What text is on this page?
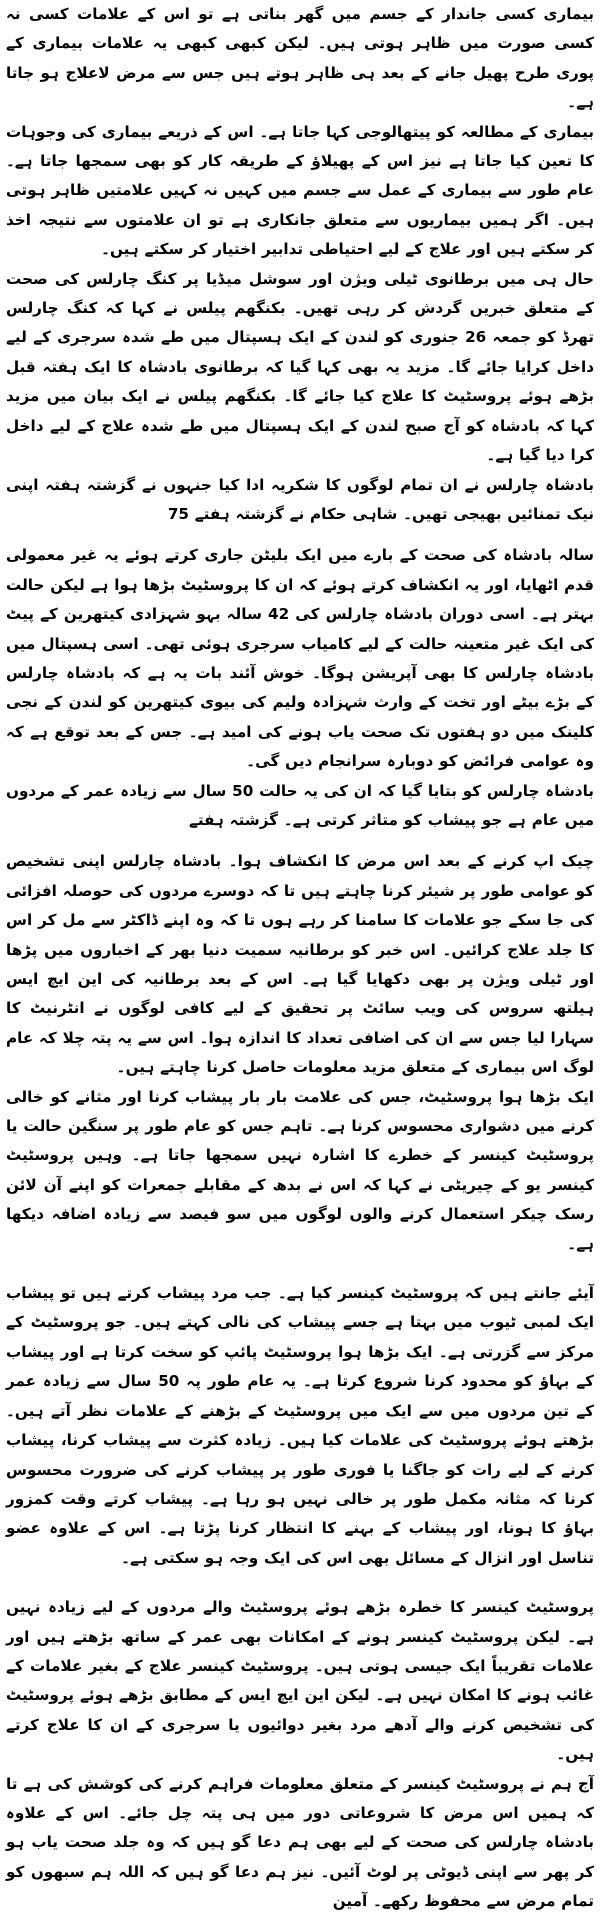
بیماری کسی جاندار کے جسم میں گھر بناتی ہے تو اس کے علامات کسی نہ کسی صورت میں ظاہر ہوتی ہیں۔ لیکن کبھی کبھی یہ علامات بیماری کے پوری طرح پھیل جانے کے بعد ہی ظاہر ہوتے ہیں جس سے مرض لاعلاج ہو جاتا ہے۔

بیماری کے مطالعہ کو پیتھالوجی کہا جاتا ہے۔ اس کے ذریعے بیماری کی وجوہات کا تعین کیا جاتا ہے نیز اس کے پھیلاؤ کے طریقہ کار کو بھی سمجھا جاتا ہے۔ عام طور سے بیماری کے عمل سے جسم میں کہیں نہ کہیں علامتیں ظاہر ہوتی ہیں۔ اگر ہمیں بیماریوں سے متعلق جانکاری ہے تو ان علامتوں سے نتیجہ اخذ کر سکتے ہیں اور علاج کے لیے احتیاطی تدابیر اختیار کر سکتے ہیں۔

حال ہی میں برطانوی ٹیلی ویژن اور سوشل میڈیا پر کنگ چارلس کی صحت کے متعلق خبریں گردش کر رہی تھیں۔ بکنگھم پیلس نے کہا کہ کنگ چارلس تھرڈ کو جمعہ 26 جنوری کو لندن کے ایک ہسپتال میں طے شدہ سرجری کے لیے داخل کرایا جائے گا۔ مزید یہ بھی کہا گیا کہ برطانوی بادشاہ کا ایک ہفتہ قبل بڑھے ہوئے پروسٹیٹ کا علاج کیا جائے گا۔ بکنگھم پیلس نے ایک بیان میں مزید کہا کہ بادشاہ کو آج صبح لندن کے ایک ہسپتال میں طے شدہ علاج کے لیے داخل کرا دیا گیا ہے۔

بادشاہ چارلس نے ان تمام لوگوں کا شکریہ ادا کیا جنہوں نے گزشتہ ہفتہ اپنی نیک تمنائیں بھیجی تھیں۔ شاہی حکام نے گزشتہ ہفتے 75

سالہ بادشاہ کی صحت کے بارے میں ایک بلیٹن جاری کرتے ہوئے یہ غیر معمولی قدم اٹھایا، اور یہ انکشاف کرتے ہوئے کہ ان کا پروسٹیٹ بڑھا ہوا ہے لیکن حالت بہتر ہے۔ اسی دوران بادشاہ چارلس کی 42 سالہ بہو شہزادی کیتھرین کے پیٹ کی ایک غیر متعینہ حالت کے لیے کامیاب سرجری ہوئی تھی۔ اسی ہسپتال میں بادشاہ چارلس کا بھی آپریشن ہوگا۔ خوش آئند بات یہ ہے کہ بادشاہ چارلس کے بڑے بیٹے اور تخت کے وارث شہزادہ ولیم کی بیوی کیتھرین کو لندن کے نجی کلینک میں دو ہفتوں تک صحت یاب ہونے کی امید ہے۔ جس کے بعد توقع ہے کہ وہ عوامی فرائض کو دوبارہ سرانجام دیں گی۔

بادشاہ چارلس کو بتایا گیا کہ ان کی یہ حالت 50 سال سے زیادہ عمر کے مردوں میں عام ہے جو پیشاب کو متاثر کرتی ہے۔ گزشتہ ہفتے

چیک اپ کرنے کے بعد اس مرض کا انکشاف ہوا۔ بادشاہ چارلس اپنی تشخیص کو عوامی طور پر شیئر کرنا چاہتے ہیں تا کہ دوسرے مردوں کی حوصلہ افزائی کی جا سکے جو علامات کا سامنا کر رہے ہوں تا کہ وہ اپنے ڈاکٹر سے مل کر اس کا جلد علاج کرائیں۔ اس خبر کو برطانیہ سمیت دنیا بھر کے اخباروں میں پڑھا اور ٹیلی ویژن پر بھی دکھایا گیا ہے۔ اس کے بعد برطانیہ کی این ایچ ایس ہیلتھ سروس کی ویب سائٹ پر تحقیق کے لیے کافی لوگوں نے انٹرنیٹ کا سہارا لیا جس سے ان کی اضافی تعداد کا اندازہ ہوا۔ اس سے یہ پتہ چلا کہ عام لوگ اس بیماری کے متعلق مزید معلومات حاصل کرنا چاہتے ہیں۔

ایک بڑھا ہوا پروسٹیٹ، جس کی علامت بار بار پیشاب کرنا اور مثانے کو خالی کرنے میں دشواری محسوس کرنا ہے۔ تاہم جس کو عام طور پر سنگین حالت یا پروسٹیٹ کینسر کے خطرے کا اشارہ نہیں سمجھا جاتا ہے۔ وہیں پروسٹیٹ کینسر یو کے چیریٹی نے کہا کہ اس نے بدھ کے مقابلے جمعرات کو اپنے آن لائن رسک چیکر استعمال کرنے والوں لوگوں میں سو فیصد سے زیادہ اضافہ دیکھا ہے۔

آیئے جانتے ہیں کہ پروسٹیٹ کینسر کیا ہے۔ جب مرد پیشاب کرتے ہیں تو پیشاب ایک لمبی ٹیوب میں بہتا ہے جسے پیشاب کی نالی کہتے ہیں۔ جو پروسٹیٹ کے مرکز سے گزرتی ہے۔ ایک بڑھا ہوا پروسٹیٹ پائپ کو سخت کرتا ہے اور پیشاب کے بہاؤ کو محدود کرنا شروع کرتا ہے۔ یہ عام طور پہ 50 سال سے زیادہ عمر کے تین مردوں میں سے ایک میں پروسٹیٹ کے بڑھنے کے علامات نظر آتے ہیں۔ بڑھتے ہوئے پروسٹیٹ کی علامات کیا ہیں۔ زیادہ کثرت سے پیشاب کرنا، پیشاب کرنے کے لیے رات کو جاگنا یا فوری طور پر پیشاب کرنے کی ضرورت محسوس کرنا کہ مثانہ مکمل طور پر خالی نہیں ہو رہا ہے۔ پیشاب کرتے وقت کمزور بہاؤ کا ہونا، اور پیشاب کے بہنے کا انتظار کرنا پڑتا ہے۔ اس کے علاوہ عضو تناسل اور انزال کے مسائل بھی اس کی ایک وجہ ہو سکتی ہے۔

پروسٹیٹ کینسر کا خطرہ بڑھے ہوئے پروسٹیٹ والے مردوں کے لیے زیادہ نہیں ہے۔ لیکن پروسٹیٹ کینسر ہونے کے امکانات بھی عمر کے ساتھ بڑھتے ہیں اور علامات تقریباً ایک جیسی ہوتی ہیں۔ پروسٹیٹ کینسر علاج کے بغیر علامات کے غائب ہونے کا امکان نہیں ہے۔ لیکن این ایچ ایس کے مطابق بڑھے ہوئے پروسٹیٹ کی تشخیص کرنے والے آدھے مرد بغیر دوائیوں یا سرجری کے ان کا علاج کرتے ہیں۔

آج ہم نے پروسٹیٹ کینسر کے متعلق معلومات فراہم کرنے کی کوشش کی ہے تا کہ ہمیں اس مرض کا شروعاتی دور میں ہی پتہ چل جائے۔ اس کے علاوہ بادشاہ چارلس کی صحت کے لیے بھی ہم دعا گو ہیں کہ وہ جلد صحت یاب ہو کر پھر سے اپنی ڈیوٹی پر لوٹ آئیں۔ نیز ہم دعا گو ہیں کہ اللہ ہم سبھوں کو تمام مرض سے محفوظ رکھے۔ آمین
